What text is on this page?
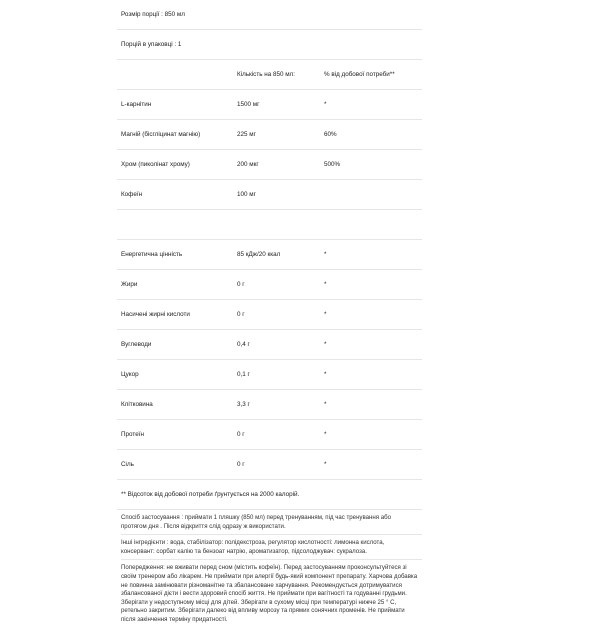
Розмір порції : 850 мл		
Порцій в упаковці : 1		
	Кількість на 850 мл:	% від добової потреби**
L-карнітин	1500 мг	*
Магній (бісгліцинат магнію)	225 мг	60%
Хром (пиколінат хрому)	200 мкг	500%
Кофеїн	100 мг	

Енергетична цінність	85 кДж/20 ккал	*
Жири	0 г	*
Насичені жирні кислоти	0 г	*
Вуглеводи	0,4 г	*
Цукор	0,1 г	*
Клітковина	3,3 г	*
Протеїн	0 г	*
Сіль	0 г	*
** Відсоток від добової потреби ґрунтується на 2000 калорій.		
Спосіб застосування : приймати 1 пляшку (850 мл) перед тренуванням, під час тренування або протягом дня . Після відкриття слід одразу ж використати.
Інші інгредієнти : вода, стабілізатор: полідекстроза, регулятор кислотності: лимонна кислота, консервант: сорбат калію та бензоат натрію, ароматизатор, підсолоджувач: сукралоза.
Попередження: не вживати перед сном (містить кофеїн). Перед застосуванням проконсультуйтеся зі своїм тренером або лікарем. Не приймати при алергії будь-який компонент препарату. Харчова добавка не повинна замінювати різноманітне та збалансоване харчування. Рекомендується дотримуватися збалансованої дієти і вести здоровий спосіб життя. Не приймати при вагітності та годуванні грудьми. Зберігати у недоступному місці для дітей. Зберігати в сухому місці при температурі нижче 25 ° С, ретельно закритим. Зберігати далеко від впливу морозу та прямих сонячних променів. Не приймати після закінчення терміну придатності.
